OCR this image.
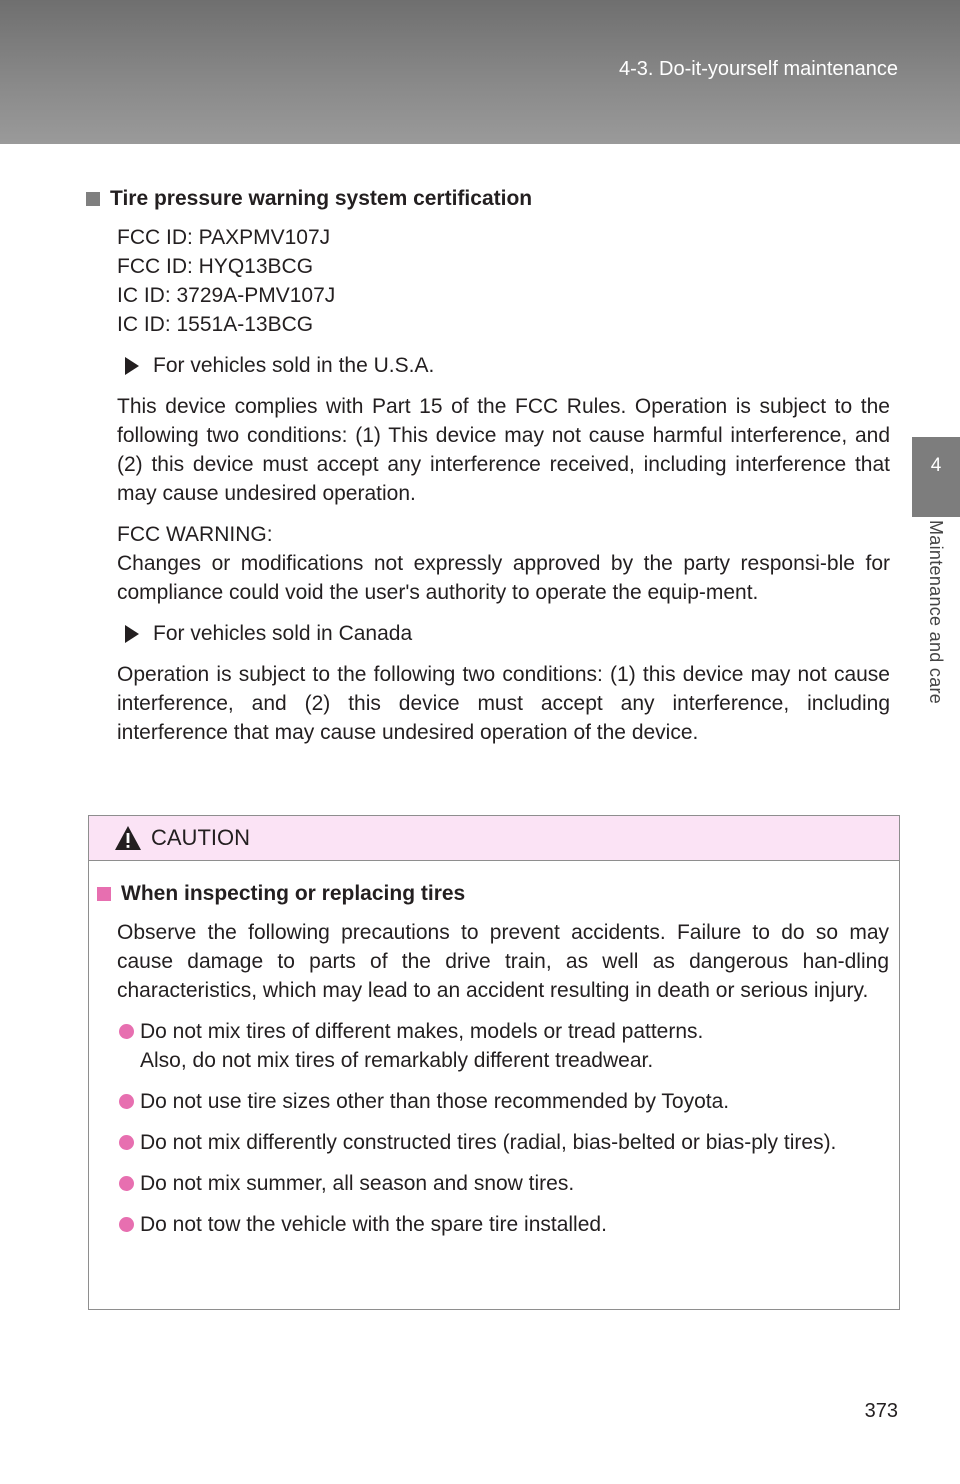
4-3. Do-it-yourself maintenance
4
Maintenance and care
Tire pressure warning system certification
FCC ID: PAXPMV107J
FCC ID: HYQ13BCG
IC ID: 3729A-PMV107J
IC ID: 1551A-13BCG
For vehicles sold in the U.S.A.
This device complies with Part 15 of the FCC Rules. Operation is subject to the following two conditions: (1) This device may not cause harmful interference, and (2) this device must accept any interference received, including interference that may cause undesired operation.
FCC WARNING:
Changes or modifications not expressly approved by the party responsi-ble for compliance could void the user's authority to operate the equip-ment.
For vehicles sold in Canada
Operation is subject to the following two conditions: (1) this device may not cause interference, and (2) this device must accept any interference, including interference that may cause undesired operation of the device.
CAUTION
When inspecting or replacing tires
Observe the following precautions to prevent accidents. Failure to do so may cause damage to parts of the drive train, as well as dangerous han-dling characteristics, which may lead to an accident resulting in death or serious injury.
Do not mix tires of different makes, models or tread patterns.
Also, do not mix tires of remarkably different treadwear.
Do not use tire sizes other than those recommended by Toyota.
Do not mix differently constructed tires (radial, bias-belted or bias-ply tires).
Do not mix summer, all season and snow tires.
Do not tow the vehicle with the spare tire installed.
373
